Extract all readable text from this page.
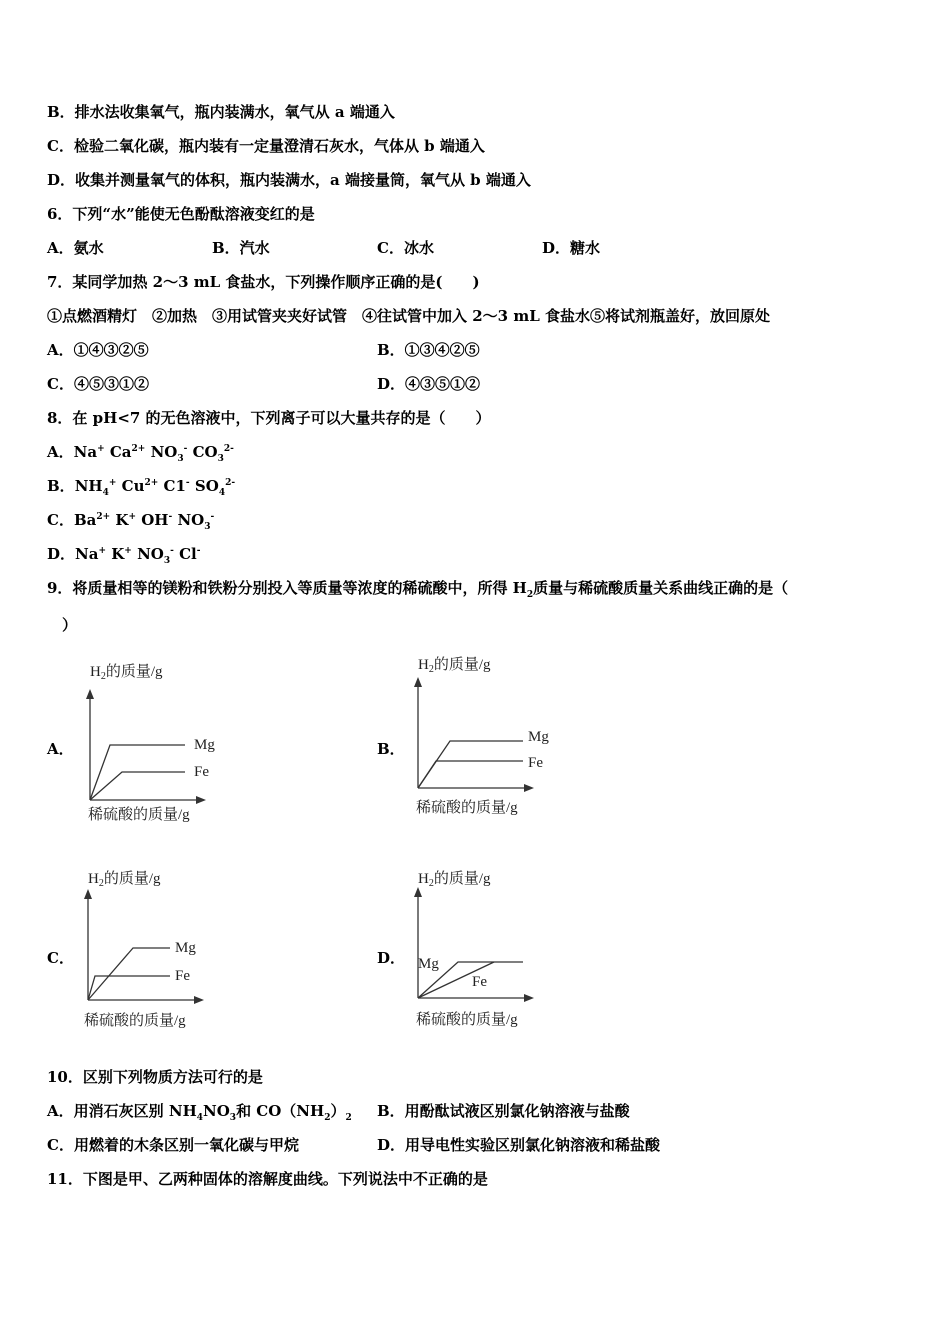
B．排水法收集氧气，瓶内装满水，氧气从 a 端通入
C．检验二氧化碳，瓶内装有一定量澄清石灰水，气体从 b 端通入
D．收集并测量氧气的体积，瓶内装满水，a 端接量筒，氧气从 b 端通入
6．下列“水”能使无色酚酞溶液变红的是
A．氨水	B．汽水	C．冰水	D．糖水
7．某同学加热 2～3 mL 食盐水，下列操作顺序正确的是(　　)
①点燃酒精灯　②加热　③用试管夹夹好试管　④往试管中加入 2～3 mL 食盐水⑤将试剂瓶盖好，放回原处
A．①④③②⑤	B．①③④②⑤
C．④⑤③①②	D．④③⑤①②
8．在 pH<7 的无色溶液中，下列离子可以大量共存的是（　　）
A．Na+ $Ca^{2+}$ $NO_3^-$ $CO_3^{2-}$
B．$NH_4^+$ $Cu^{2+}$ C1- $SO_4^{2-}$
C．$Ba^{2+}$ K+ OH- $NO_3^-$
D．Na+ K+ $NO_3^-$ Cl-
9．将质量相等的镁粉和铁粉分别投入等质量等浓度的稀硫酸中，所得 $H_2$质量与稀硫酸质量关系曲线正确的是（
）
A．
$H_2$的质量/g
Mg
Fe
稀硫酸的质量/g
B．
$H_2$的质量/g
Mg
Fe
稀硫酸的质量/g
C．
$H_2$的质量/g
Mg
Fe
稀硫酸的质量/g
D．
$H_2$的质量/g
Mg
Fe
稀硫酸的质量/g
10．区别下列物质方法可行的是
A．用消石灰区别 $NH_4NO_3$和 $CO(NH_2)_2$ B．用酚酞试液区别氯化钠溶液与盐酸
C．用燃着的木条区别一氧化碳与甲烷	D．用导电性实验区别氯化钠溶液和稀盐酸
11．下图是甲、乙两种固体的溶解度曲线。下列说法中不正确的是
